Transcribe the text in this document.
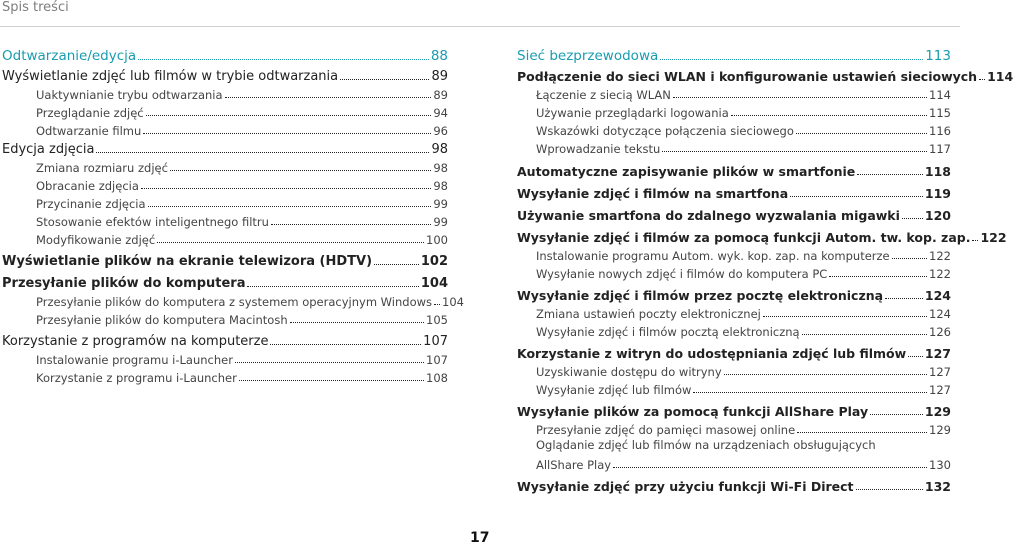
Spis treści
Odtwarzanie/edycja	88
Wyświetlanie zdjęć lub filmów w trybie odtwarzania	89
Uaktywnianie trybu odtwarzania	89
Przeglądanie zdjęć	94
Odtwarzanie filmu	96
Edycja zdjęcia	98
Zmiana rozmiaru zdjęć	98
Obracanie zdjęcia	98
Przycinanie zdjęcia	99
Stosowanie efektów inteligentnego filtru	99
Modyfikowanie zdjęć	100
Wyświetlanie plików na ekranie telewizora (HDTV)	102
Przesyłanie plików do komputera	104
Przesyłanie plików do komputera z systemem operacyjnym Windows 104
Przesyłanie plików do komputera Macintosh	105
Korzystanie z programów na komputerze	107
Instalowanie programu i-Launcher	107
Korzystanie z programu i-Launcher	108
Sieć bezprzewodowa	113
Podłączenie do sieci WLAN i konfigurowanie ustawień sieciowych 114
Łączenie z siecią WLAN	114
Używanie przeglądarki logowania	115
Wskazówki dotyczące połączenia sieciowego	116
Wprowadzanie tekstu	117
Automatyczne zapisywanie plików w smartfonie	118
Wysyłanie zdjęć i filmów na smartfona	119
Używanie smartfona do zdalnego wyzwalania migawki 120
Wysyłanie zdjęć i filmów za pomocą funkcji Autom. tw. kop. zap. 122
Instalowanie programu Autom. wyk. kop. zap. na komputerze	122
Wysyłanie nowych zdjęć i filmów do komputera PC	122
Wysyłanie zdjęć i filmów przez pocztę elektroniczną	124
Zmiana ustawień poczty elektronicznej	124
Wysyłanie zdjęć i filmów pocztą elektroniczną	126
Korzystanie z witryn do udostępniania zdjęć lub filmów 127
Uzyskiwanie dostępu do witryny	127
Wysyłanie zdjęć lub filmów	127
Wysyłanie plików za pomocą funkcji AllShare Play	129
Przesyłanie zdjęć do pamięci masowej online	129
Oglądanie zdjęć lub filmów na urządzeniach obsługujących
AllShare Play	130
Wysyłanie zdjęć przy użyciu funkcji Wi-Fi Direct	132
17
